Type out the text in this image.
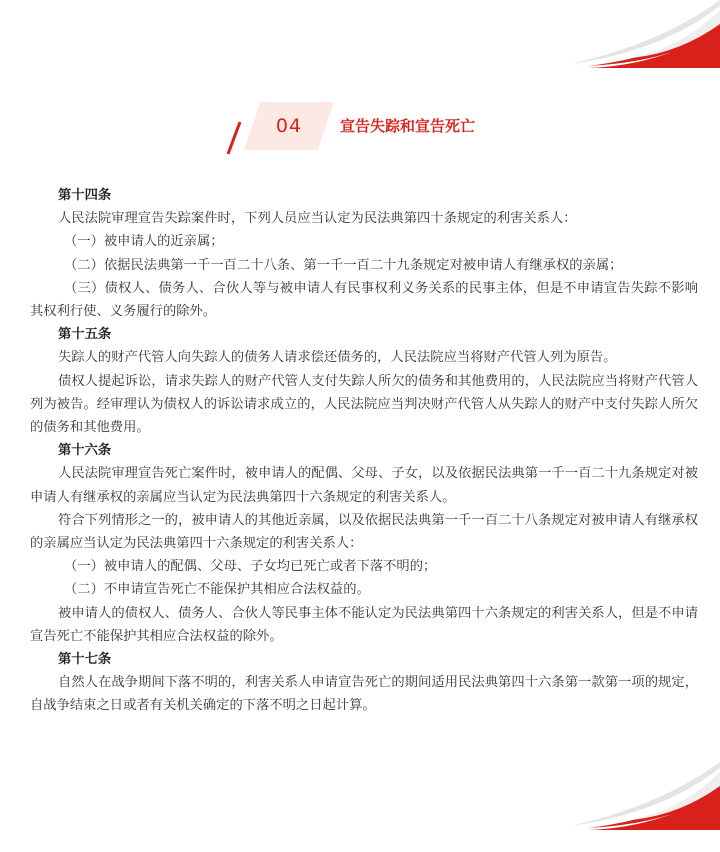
04	宣告失踪和宣告死亡

第十四条

人民法院审理宣告失踪案件时，下列人员应当认定为民法典第四十条规定的利害关系人：

（一）被申请人的近亲属；

（二）依据民法典第一千一百二十八条、第一千一百二十九条规定对被申请人有继承权的亲属；

（三）债权人、债务人、合伙人等与被申请人有民事权利义务关系的民事主体，但是不申请宣告失踪不影响其权利行使、义务履行的除外。

第十五条

失踪人的财产代管人向失踪人的债务人请求偿还债务的，人民法院应当将财产代管人列为原告。

债权人提起诉讼，请求失踪人的财产代管人支付失踪人所欠的债务和其他费用的，人民法院应当将财产代管人列为被告。经审理认为债权人的诉讼请求成立的，人民法院应当判决财产代管人从失踪人的财产中支付失踪人所欠的债务和其他费用。

第十六条

人民法院审理宣告死亡案件时，被申请人的配偶、父母、子女，以及依据民法典第一千一百二十九条规定对被申请人有继承权的亲属应当认定为民法典第四十六条规定的利害关系人。

符合下列情形之一的，被申请人的其他近亲属，以及依据民法典第一千一百二十八条规定对被申请人有继承权的亲属应当认定为民法典第四十六条规定的利害关系人：

（一）被申请人的配偶、父母、子女均已死亡或者下落不明的；

（二）不申请宣告死亡不能保护其相应合法权益的。

被申请人的债权人、债务人、合伙人等民事主体不能认定为民法典第四十六条规定的利害关系人，但是不申请宣告死亡不能保护其相应合法权益的除外。

第十七条

自然人在战争期间下落不明的，利害关系人申请宣告死亡的期间适用民法典第四十六条第一款第一项的规定，自战争结束之日或者有关机关确定的下落不明之日起计算。
